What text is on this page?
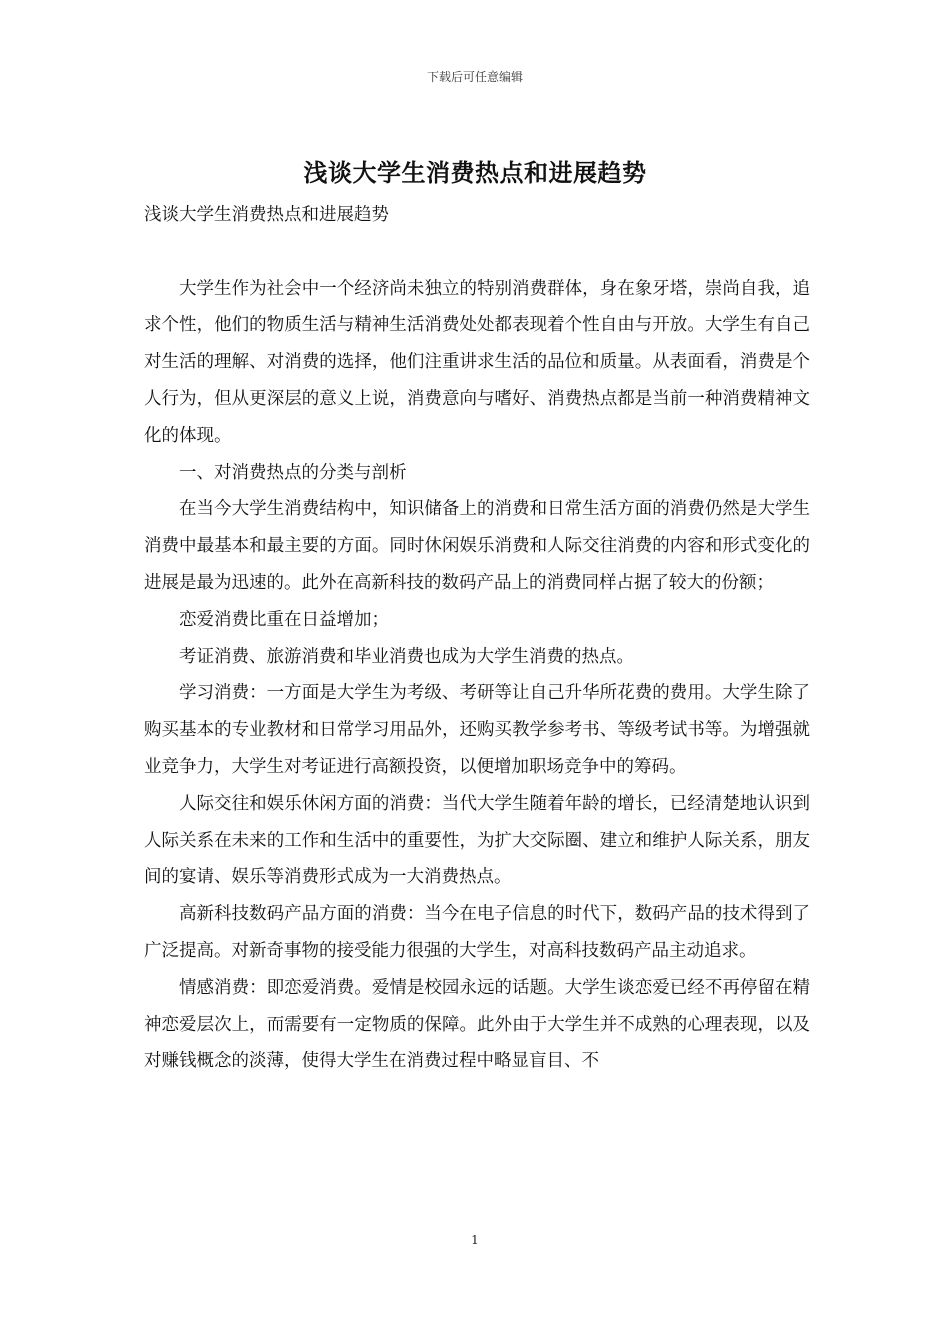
下载后可任意编辑
浅谈大学生消费热点和进展趋势

浅谈大学生消费热点和进展趋势

大学生作为社会中一个经济尚未独立的特别消费群体，身在象牙塔，崇尚自我，追求个性，他们的物质生活与精神生活消费处处都表现着个性自由与开放。大学生有自己对生活的理解、对消费的选择，他们注重讲求生活的品位和质量。从表面看，消费是个人行为，但从更深层的意义上说，消费意向与嗜好、消费热点都是当前一种消费精神文化的体现。

一、对消费热点的分类与剖析

在当今大学生消费结构中，知识储备上的消费和日常生活方面的消费仍然是大学生消费中最基本和最主要的方面。同时休闲娱乐消费和人际交往消费的内容和形式变化的进展是最为迅速的。此外在高新科技的数码产品上的消费同样占据了较大的份额；

恋爱消费比重在日益增加；

考证消费、旅游消费和毕业消费也成为大学生消费的热点。

学习消费：一方面是大学生为考级、考研等让自己升华所花费的费用。大学生除了购买基本的专业教材和日常学习用品外，还购买教学参考书、等级考试书等。为增强就业竞争力，大学生对考证进行高额投资，以便增加职场竞争中的筹码。

人际交往和娱乐休闲方面的消费：当代大学生随着年龄的增长，已经清楚地认识到人际关系在未来的工作和生活中的重要性，为扩大交际圈、建立和维护人际关系，朋友间的宴请、娱乐等消费形式成为一大消费热点。

高新科技数码产品方面的消费：当今在电子信息的时代下，数码产品的技术得到了广泛提高。对新奇事物的接受能力很强的大学生，对高科技数码产品主动追求。

情感消费：即恋爱消费。爱情是校园永远的话题。大学生谈恋爱已经不再停留在精神恋爱层次上，而需要有一定物质的保障。此外由于大学生并不成熟的心理表现，以及对赚钱概念的淡薄，使得大学生在消费过程中略显盲目、不

1
